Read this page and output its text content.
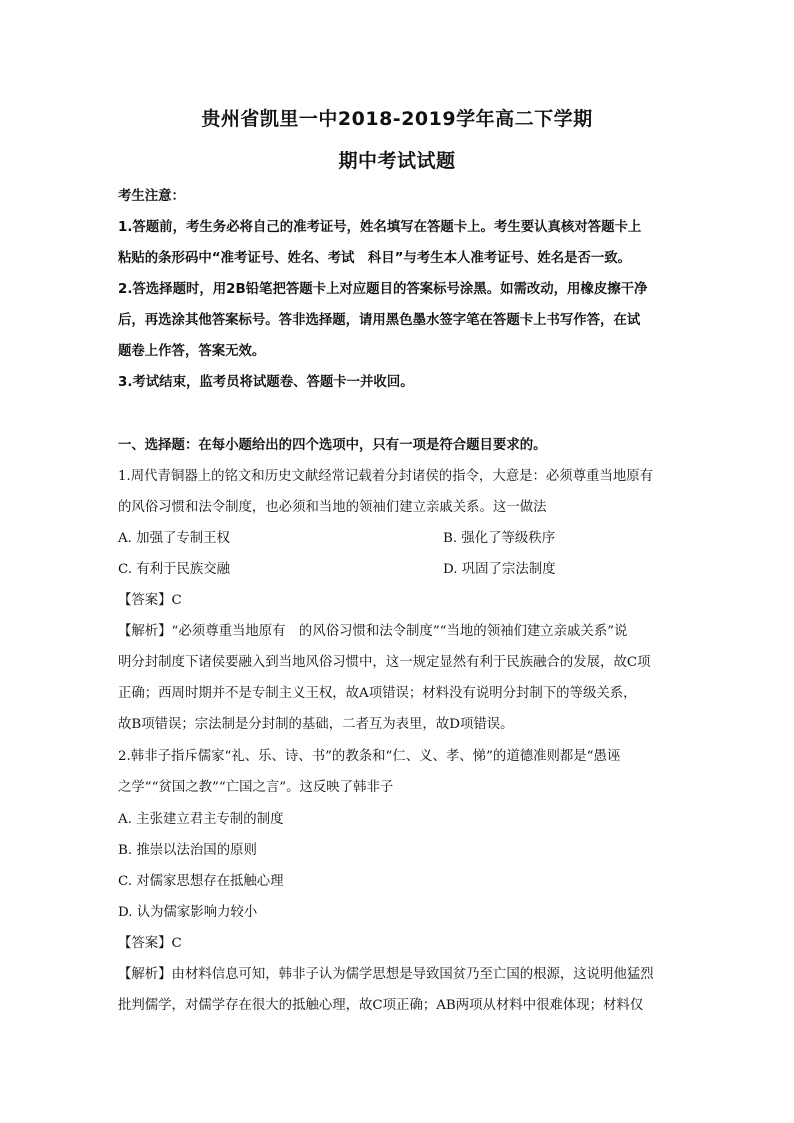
贵州省凯里一中2018-2019学年高二下学期
期中考试试题
考生注意：
1.答题前，考生务必将自己的准考证号，姓名填写在答题卡上。考生要认真核对答题卡上
粘贴的条形码中“准考证号、姓名、考试　科目”与考生本人准考证号、姓名是否一致。
2.答选择题时，用2B铅笔把答题卡上对应题目的答案标号涂黑。如需改动，用橡皮擦干净
后，再选涂其他答案标号。答非选择题，请用黑色墨水签字笔在答题卡上书写作答，在试
题卷上作答，答案无效。
3.考试结束，监考员将试题卷、答题卡一并收回。
一、选择题：在每小题给出的四个选项中，只有一项是符合题目要求的。
1.周代青铜器上的铭文和历史文献经常记载着分封诸侯的指令，大意是：必须尊重当地原有
的风俗习惯和法令制度，也必须和当地的领袖们建立亲戚关系。这一做法
A. 加强了专制王权	B. 强化了等级秩序
C. 有利于民族交融	D. 巩固了宗法制度
【答案】C
【解析】“必须尊重当地原有　的风俗习惯和法令制度”“当地的领袖们建立亲戚关系”说
明分封制度下诸侯要融入到当地风俗习惯中，这一规定显然有利于民族融合的发展，故C项
正确；西周时期并不是专制主义王权，故A项错误；材料没有说明分封制下的等级关系，
故B项错误；宗法制是分封制的基础，二者互为表里，故D项错误。
2.韩非子指斥儒家“礼、乐、诗、书”的教条和“仁、义、孝、悌”的道德准则都是“愚诬
之学”“贫国之教”“亡国之言”。这反映了韩非子
A. 主张建立君主专制的制度
B. 推崇以法治国的原则
C. 对儒家思想存在抵触心理
D. 认为儒家影响力较小
【答案】C
【解析】由材料信息可知，韩非子认为儒学思想是导致国贫乃至亡国的根源，这说明他猛烈
批判儒学，对儒学存在很大的抵触心理，故C项正确；AB两项从材料中很难体现；材料仅
